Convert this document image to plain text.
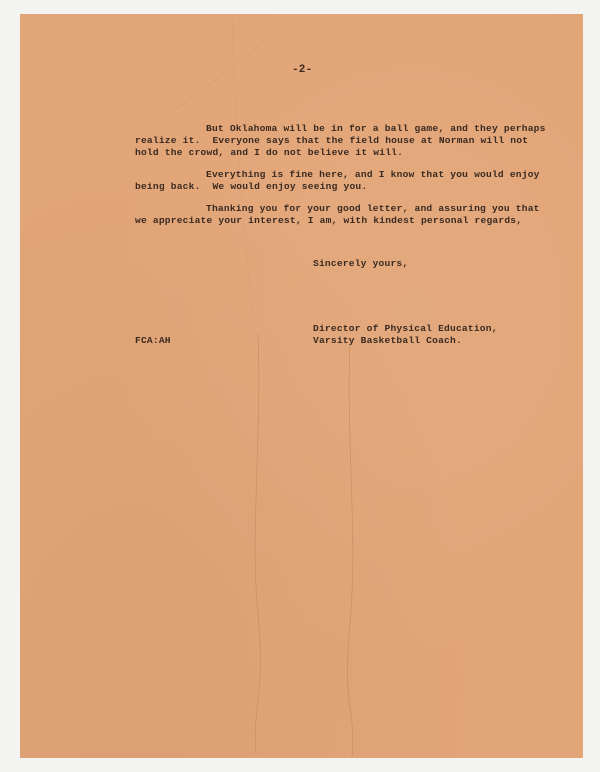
-2-
But Oklahoma will be in for a ball game, and they perhaps
realize it.  Everyone says that the field house at Norman will not
hold the crowd, and I do not believe it will.
Everything is fine here, and I know that you would enjoy
being back.  We would enjoy seeing you.
Thanking you for your good letter, and assuring you that
we appreciate your interest, I am, with kindest personal regards,
Sincerely yours,
Director of Physical Education,
Varsity Basketball Coach.
FCA:AH
